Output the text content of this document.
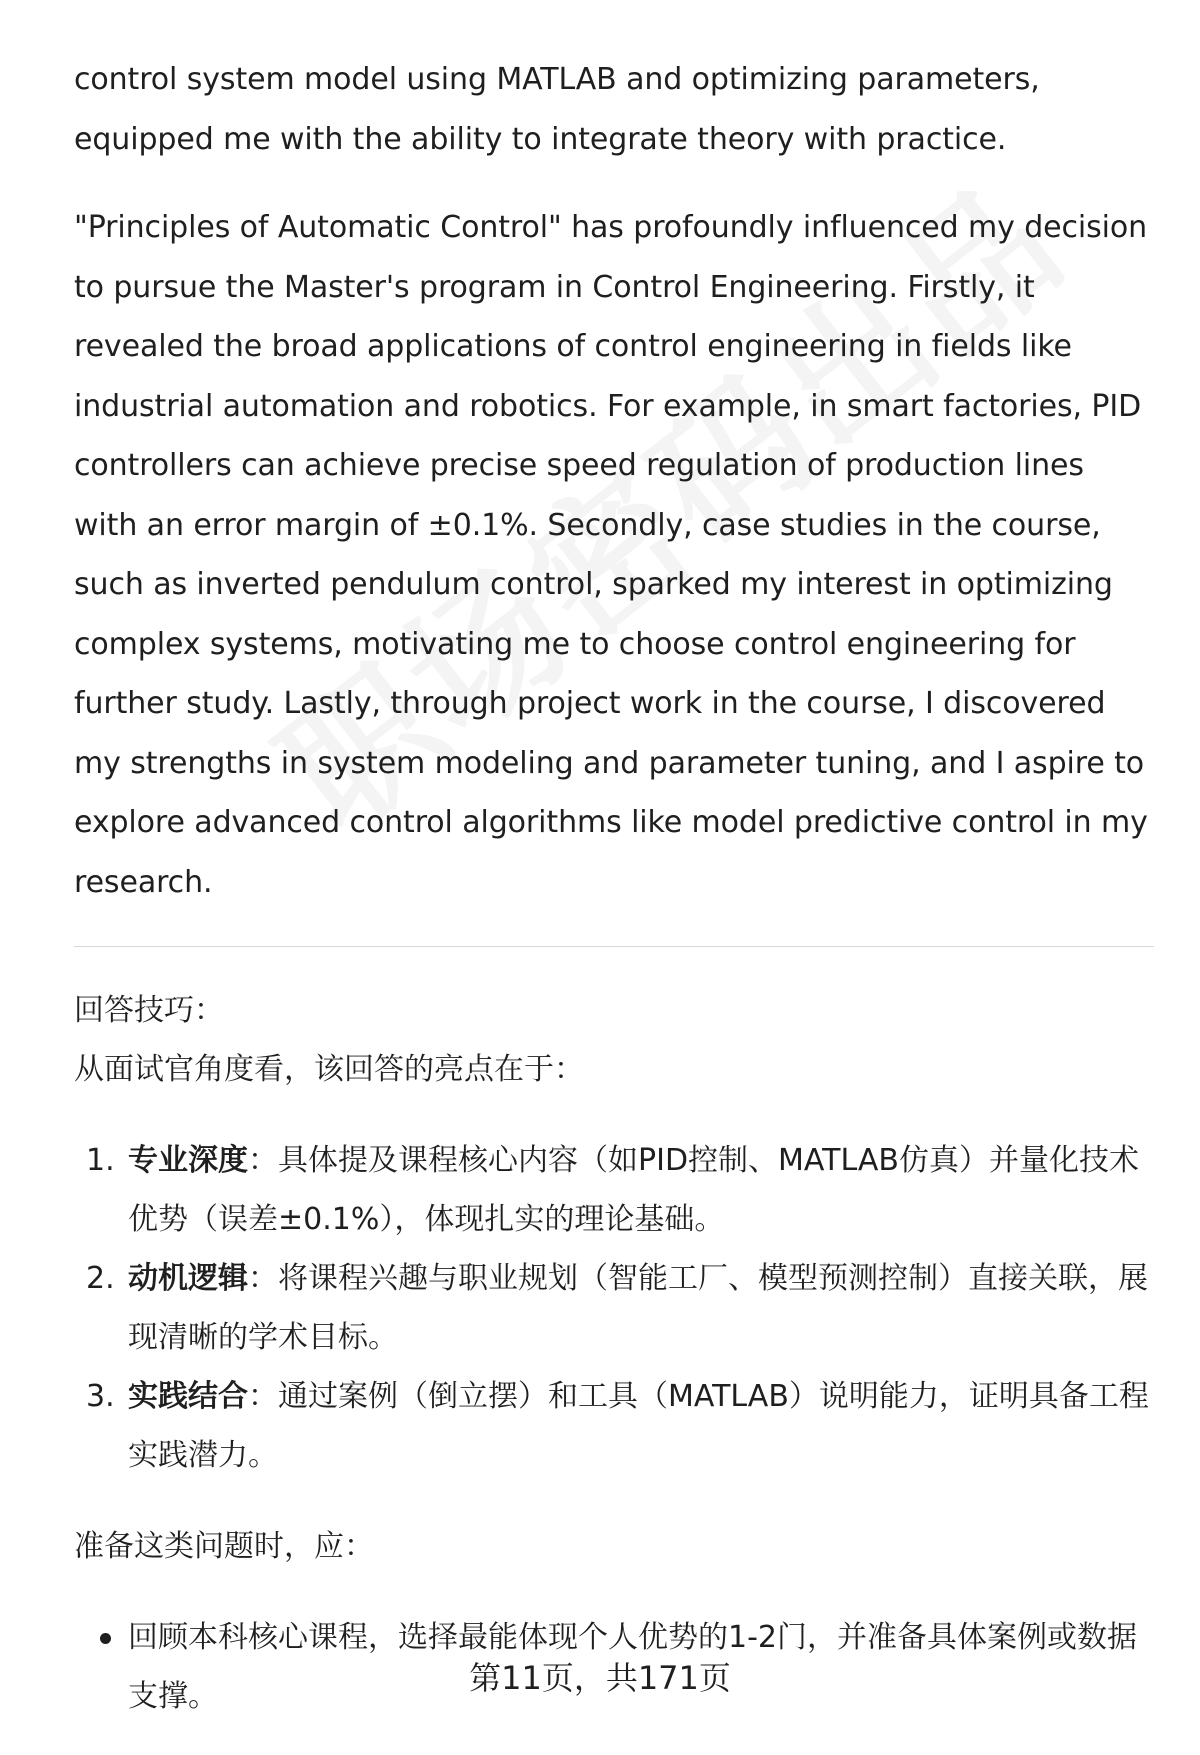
control system model using MATLAB and optimizing parameters, equipped me with the ability to integrate theory with practice.

"Principles of Automatic Control" has profoundly influenced my decision to pursue the Master's program in Control Engineering. Firstly, it revealed the broad applications of control engineering in fields like industrial automation and robotics. For example, in smart factories, PID controllers can achieve precise speed regulation of production lines with an error margin of ±0.1%. Secondly, case studies in the course, such as inverted pendulum control, sparked my interest in optimizing complex systems, motivating me to choose control engineering for further study. Lastly, through project work in the course, I discovered my strengths in system modeling and parameter tuning, and I aspire to explore advanced control algorithms like model predictive control in my research.

回答技巧：

从面试官角度看，该回答的亮点在于：

1. 专业深度：具体提及课程核心内容（如PID控制、MATLAB仿真）并量化技术优势（误差±0.1%），体现扎实的理论基础。
2. 动机逻辑：将课程兴趣与职业规划（智能工厂、模型预测控制）直接关联，展现清晰的学术目标。
3. 实践结合：通过案例（倒立摆）和工具（MATLAB）说明能力，证明具备工程实践潜力。

准备这类问题时，应：

回顾本科核心课程，选择最能体现个人优势的1-2门，并准备具体案例或数据支撑。	第11页，共171页
